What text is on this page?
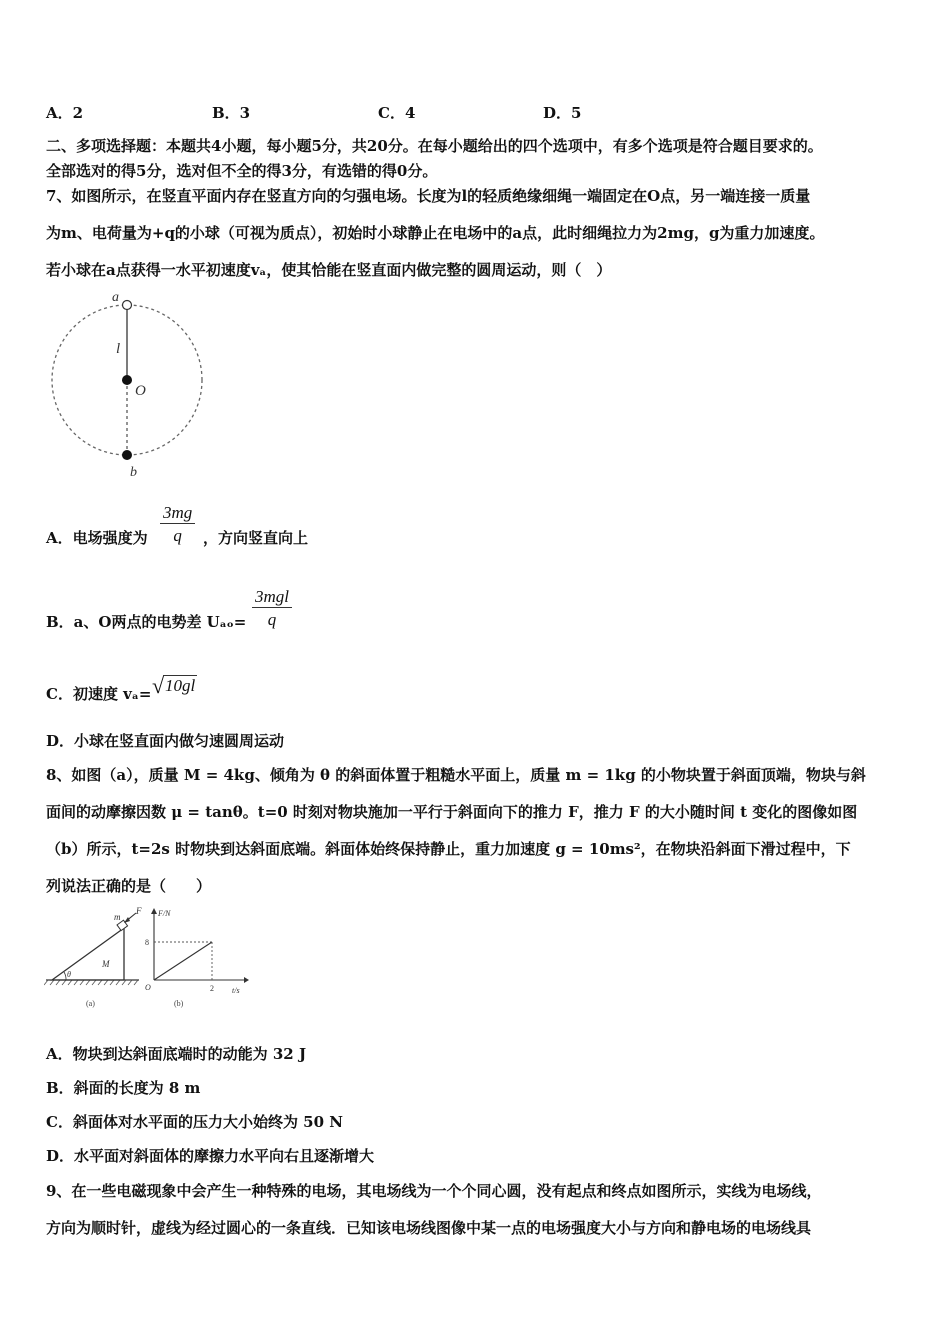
A．2	B．3	C．4	D．5
二、多项选择题：本题共4小题，每小题5分，共20分。在每小题给出的四个选项中，有多个选项是符合题目要求的。
全部选对的得5分，选对但不全的得3分，有选错的得0分。
7、如图所示，在竖直平面内存在竖直方向的匀强电场。长度为l的轻质绝缘细绳一端固定在O点，另一端连接一质量
为m、电荷量为+q的小球（可视为质点），初始时小球静止在电场中的a点，此时细绳拉力为2mg，g为重力加速度。
若小球在a点获得一水平初速度vₐ，使其恰能在竖直面内做完整的圆周运动，则（　）
a
l
O
b
A．电场强度为 $\frac{3mg}{q}$ ，方向竖直向上
B．a、O两点的电势差 Uₐₒ=
3mgl
q
C．初速度 vₐ= √ 10gl
D．小球在竖直面内做匀速圆周运动
8、如图（a），质量 M = 4kg、倾角为 θ 的斜面体置于粗糙水平面上，质量 m = 1kg 的小物块置于斜面顶端，物块与斜
面间的动摩擦因数 μ = tanθ。t=0 时刻对物块施加一平行于斜面向下的推力 F，推力 F 的大小随时间 t 变化的图像如图
（b）所示，t=2s 时物块到达斜面底端。斜面体始终保持静止，重力加速度 g = 10ms²，在物块沿斜面下滑过程中，下
列说法正确的是（　　）
m
F
M
θ
(a)
F/N
8
O	2 t/s
(b)
A．物块到达斜面底端时的动能为 32 J
B．斜面的长度为 8 m
C．斜面体对水平面的压力大小始终为 50 N
D．水平面对斜面体的摩擦力水平向右且逐渐增大
9、在一些电磁现象中会产生一种特殊的电场，其电场线为一个个同心圆，没有起点和终点如图所示，实线为电场线，
方向为顺时针，虚线为经过圆心的一条直线．已知该电场线图像中某一点的电场强度大小与方向和静电场的电场线具
